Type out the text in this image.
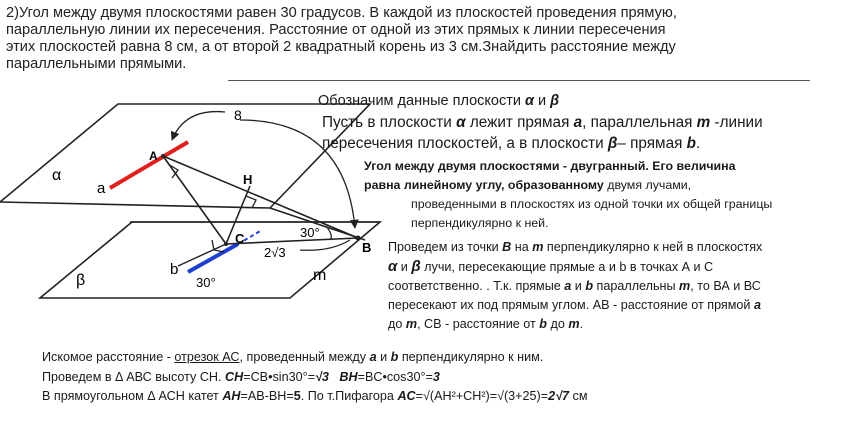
2)Угол между двумя плоскостями равен 30 градусов. В каждой из плоскостей проведения прямую,
параллельную линии их пересечения. Расстояние от одной из этих прямых к линии пересечения
этих плоскостей равна 8 см, а от второй 2 квадратный корень из 3 см.Знайдить расстояние между
параллельными прямыми.
α
β
a
b
A
H
C
B
m
8
30°
30°
2√3
Обозначим данные плоскости α и β
Пусть в плоскости α лежит прямая a, параллельная m -линии
пересечения плоскостей, а в плоскости β– прямая b.
Угол между двумя плоскостями - двугранный. Его величина
равна линейному углу, образованному двумя лучами,
проведенными в плоскостях из одной точки их общей границы
перпендикулярно к ней.
Проведем из точки B на m перпендикулярно к ней в плоскостях
α и β лучи, пересекающие прямые а и b в точках А и С
соответственно. . Т.к. прямые a и b параллельны m, то ВА и ВС
пересекают их под прямым углом. АВ - расстояние от прямой a
до m, СВ - расстояние от b до m.
Искомое расстояние - отрезок АС, проведенный между a и b перпендикулярно к ним.
Проведем в Δ АВС высоту СН. CH=CB•sin30°=√3 BH=BC•cos30°=3
В прямоугольном Δ АСН катет AH=AB-BH=5. По т.Пифагора AC=√(AH²+CH²)=√(3+25)=2√7 см
